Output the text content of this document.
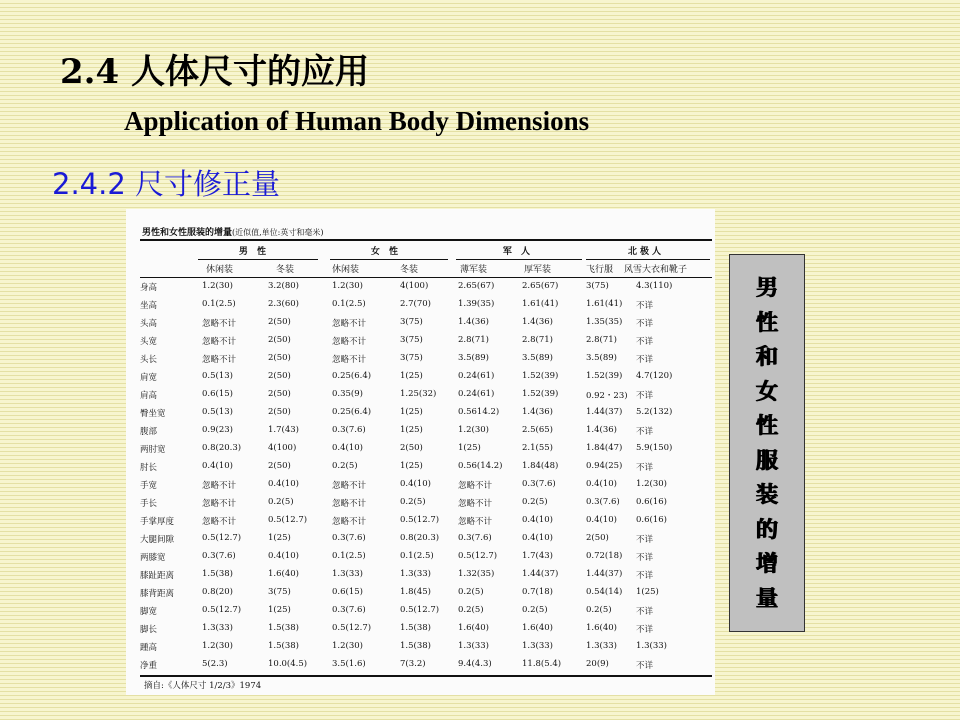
2.4 人体尺寸的应用
Application of Human Body Dimensions
2.4.2 尺寸修正量
男性和女性服装的增量(近似值,单位:英寸和毫米)
男 性	女 性	军 人	北极人
休闲装	冬装	休闲装	冬装	薄军装	厚军装	飞行服 风雪大衣和靴子
身高	1.2(30)	3.2(80)	1.2(30)	4(100)	2.65(67)	2.65(67)	3(75)	4.3(110)
坐高	0.1(2.5)	2.3(60)	0.1(2.5)	2.7(70)	1.39(35)	1.61(41)	1.61(41) 不详
头高	忽略不计	2(50)	忽略不计	3(75)	1.4(36)	1.4(36)	1.35(35) 不详
头宽	忽略不计	2(50)	忽略不计	3(75)	2.8(71)	2.8(71)	2.8(71) 不详
头长	忽略不计	2(50)	忽略不计	3(75)	3.5(89)	3.5(89)	3.5(89) 不详
肩宽	0.5(13)	2(50)	0.25(6.4)	1(25)	0.24(61)	1.52(39)	1.52(39) 4.7(120)
肩高	0.6(15)	2(50)	0.35(9)	1.25(32)	0.24(61)	1.52(39)	0.92・23) 不详
臀坐宽	0.5(13)	2(50)	0.25(6.4)	1(25)	0.5614.2)	1.4(36)	1.44(37) 5.2(132)
腹部	0.9(23)	1.7(43)	0.3(7.6)	1(25)	1.2(30)	2.5(65)	1.4(36) 不详
两肘宽	0.8(20.3)	4(100)	0.4(10)	2(50)	1(25)	2.1(55)	1.84(47) 5.9(150)
肘长	0.4(10)	2(50)	0.2(5)	1(25)	0.56(14.2) 1.84(48)	0.94(25) 不详
手宽	忽略不计	0.4(10)	忽略不计	0.4(10)	忽略不计	0.3(7.6)	0.4(10) 1.2(30)
手长	忽略不计	0.2(5)	忽略不计	0.2(5)	忽略不计	0.2(5)	0.3(7.6) 0.6(16)
手掌厚度	忽略不计	0.5(12.7)	忽略不计	0.5(12.7) 忽略不计	0.4(10)	0.4(10) 0.6(16)
大腿间隙	0.5(12.7)	1(25)	0.3(7.6)	0.8(20.3) 0.3(7.6)	0.4(10)	2(50)	不详
两膝宽	0.3(7.6)	0.4(10)	0.1(2.5)	0.1(2.5)	0.5(12.7)	1.7(43)	0.72(18) 不详
膝趾距离	1.5(38)	1.6(40)	1.3(33)	1.3(33)	1.32(35)	1.44(37)	1.44(37) 不详
膝背距离	0.8(20)	3(75)	0.6(15)	1.8(45)	0.2(5)	0.7(18)	0.54(14) 1(25)
脚宽	0.5(12.7)	1(25)	0.3(7.6)	0.5(12.7) 0.2(5)	0.2(5)	0.2(5)	不详
脚长	1.3(33)	1.5(38)	0.5(12.7)	1.5(38)	1.6(40)	1.6(40)	1.6(40) 不详
踵高	1.2(30)	1.5(38)	1.2(30)	1.5(38)	1.3(33)	1.3(33)	1.3(33) 1.3(33)
净重	5(2.3)	10.0(4.5)	3.5(1.6)	7(3.2)	9.4(4.3)	11.8(5.4)	20(9)	不详
摘自:《人体尺寸 1/2/3》1974
男
性
和
女
性
服
装
的
增
量
